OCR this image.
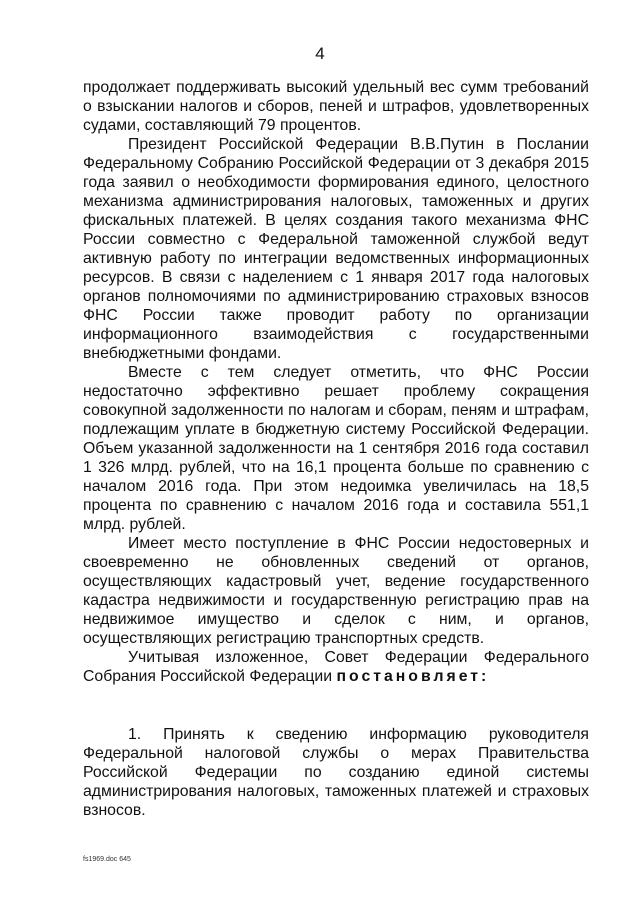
4

продолжает поддерживать высокий удельный вес сумм требований о взыскании налогов и сборов, пеней и штрафов, удовлетворенных судами, составляющий 79 процентов.

Президент Российской Федерации В.В.Путин в Послании Федеральному Собранию Российской Федерации от 3 декабря 2015 года заявил о необходимости формирования единого, целостного механизма администрирования налоговых, таможенных и других фискальных платежей. В целях создания такого механизма ФНС России совместно с Федеральной таможенной службой ведут активную работу по интеграции ведомственных информационных ресурсов. В связи с наделением с 1 января 2017 года налоговых органов полномочиями по администрированию страховых взносов ФНС России также проводит работу по организации информационного взаимодействия с государственными внебюджетными фондами.

Вместе с тем следует отметить, что ФНС России недостаточно эффективно решает проблему сокращения совокупной задолженности по налогам и сборам, пеням и штрафам, подлежащим уплате в бюджетную систему Российской Федерации. Объем указанной задолженности на 1 сентября 2016 года составил 1 326 млрд. рублей, что на 16,1 процента больше по сравнению с началом 2016 года. При этом недоимка увеличилась на 18,5 процента по сравнению с началом 2016 года и составила 551,1 млрд. рублей.

Имеет место поступление в ФНС России недостоверных и своевременно не обновленных сведений от органов, осуществляющих кадастровый учет, ведение государственного кадастра недвижимости и государственную регистрацию прав на недвижимое имущество и сделок с ним, и органов, осуществляющих регистрацию транспортных средств.

Учитывая изложенное, Совет Федерации Федерального Собрания Российской Федерации постановляет:

1. Принять к сведению информацию руководителя Федеральной налоговой службы о мерах Правительства Российской Федерации по созданию единой системы администрирования налоговых, таможенных платежей и страховых взносов.

fs1969.doc 645
